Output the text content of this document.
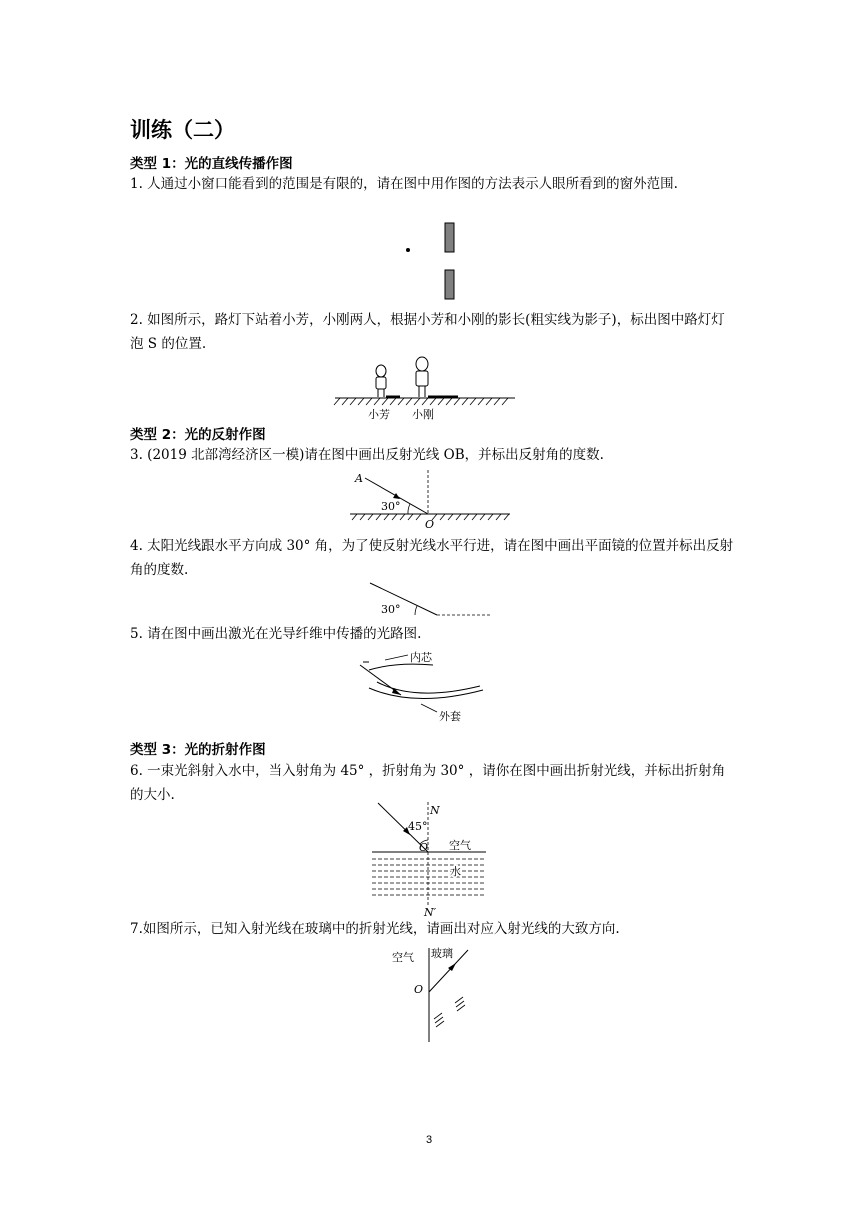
训练（二）
类型 1：光的直线传播作图
1. 人通过小窗口能看到的范围是有限的，请在图中用作图的方法表示人眼所看到的窗外范围.
2. 如图所示，路灯下站着小芳，小刚两人，根据小芳和小刚的影长(粗实线为影子)，标出图中路灯灯泡 S 的位置.
小芳 小刚
类型 2：光的反射作图
3. (2019 北部湾经济区一模)请在图中画出反射光线 OB，并标出反射角的度数.
A
30°
O
4. 太阳光线跟水平方向成 30° 角，为了使反射光线水平行进，请在图中画出平面镜的位置并标出反射角的度数.
30°
5. 请在图中画出激光在光导纤维中传播的光路图.
内芯
外套
类型 3：光的折射作图
6. 一束光斜射入水中，当入射角为 45° ，折射角为 30° ，请你在图中画出折射光线，并标出折射角的大小.
N
45°
O 空气
水
N′
7.如图所示，已知入射光线在玻璃中的折射光线，请画出对应入射光线的大致方向.
空气 玻璃
O
3
